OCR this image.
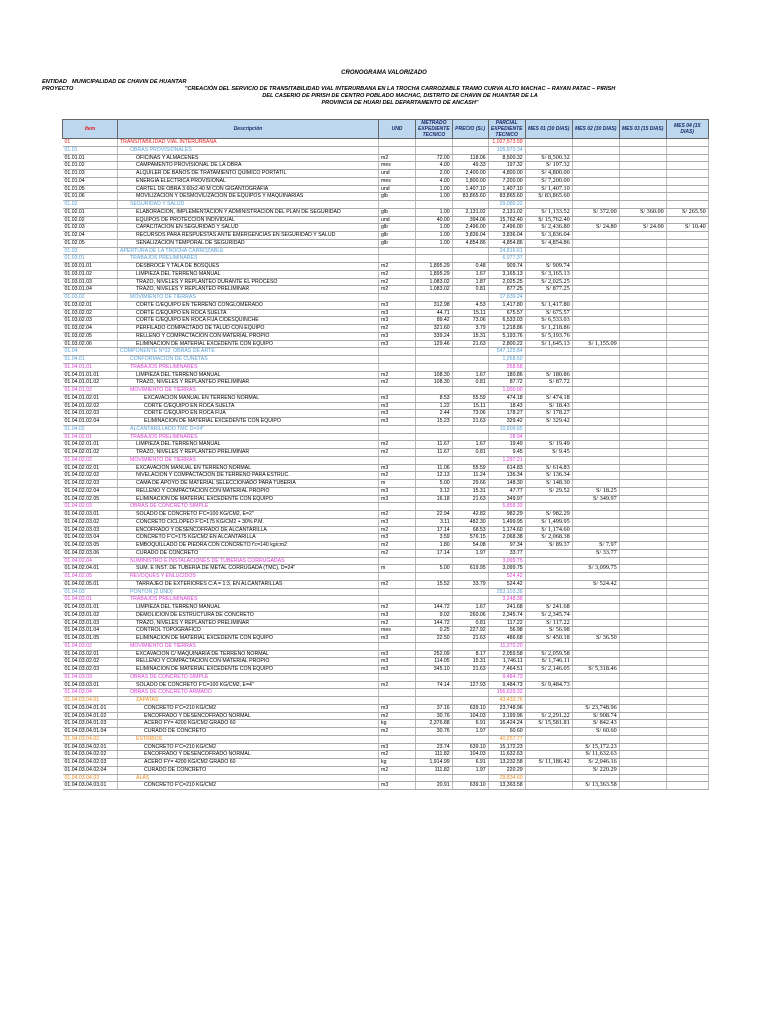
CRONOGRAMA VALORIZADO
ENTIDAD MUNICIPALIDAD DE CHAVIN DE HUANTAR
PROYECTO	"CREACIÓN DEL SERVICIO DE TRANSITABILIDAD VIAL INTERURBANA EN LA TROCHA CARROZABLE TRAMO CURVA ALTO MACHAC – RAYAN PATAC – PIRISH
DEL CASERIO DE PIRISH DE CENTRO POBLADO MACHAC, DISTRITO DE CHAVIN DE HUANTAR DE LA
PROVINCIA DE HUARI DEL DEPARTAMENTO DE ANCASH"
Item	Descripción	UND	METRADO EXPEDIENTE TECNICO	PRECIO (S/.)	PARCIAL EXPEDIENTE TECNICO	MES 01 (30 DIAS)	MES 02 (30 DIAS)	MES 03 (15 DIAS)	MES 04 (15 DIAS)
01	TRANSITABILIDAD VIAL INTERURBANA				1,027,573.59				
01.01	OBRAS PROVISIONALES				105,970.34				
01.01.01	OFICINAS Y ALMACENES	m2	72.00	118.06	8,500.32	S/ 8,500.32			
01.01.02	CAMPAMENTO PROVISIONAL DE LA OBRA	mes	4.00	49.33	197.32	S/ 197.32			
01.01.03	ALQUILER DE BAÑOS DE TRATAMIENTO QUIMICO PORTATIL	und	2.00	2,400.00	4,800.00	S/ 4,800.00			
01.01.04	ENERGIA ELECTRICA PROVISIONAL	mes	4.00	1,800.00	7,200.00	S/ 7,200.00			
01.01.05	CARTEL DE OBRA 3.60x2.40 M CON GIGANTOGRAFIA	und	1.00	1,407.10	1,407.10	S/ 1,407.10			
01.01.06	MOVILIZACION Y DESMOVILIZACION DE EQUIPOS Y MAQUINARIAS	glb	1.00	83,865.60	83,865.60	S/ 83,865.60			
01.02	SEGURIDAD Y SALUD				29,080.22				
01.02.01	ELABORACIÓN, IMPLEMENTACION Y ADMINISTRACIÓN DEL PLAN DE SEGURIDAD	glb	1.00	2,131.02	2,131.02	S/ 1,133.52	S/ 372.00	S/ 360.00	S/ 265.50
01.02.02	EQUIPOS DE PROTECCION INDIVIDUAL	und	40.00	394.06	15,762.40	S/ 15,762.40			
01.02.03	CAPACITACION EN SEGURIDAD Y SALUD	glb	1.00	2,496.00	2,496.00	S/ 2,436.80	S/ 24.80	S/ 24.00	S/ 10.40
01.02.04	RECURSOS PARA RESPUESTAS ANTE EMERGENCIAS EN SEGURIDAD Y SALUD	glb	1.00	3,836.04	3,836.04	S/ 3,836.04			
01.02.05	SEÑALIZACION TEMPORAL DE SEGURIDAD	glb	1.00	4,854.86	4,854.86	S/ 4,854.86			
01.03	APERTURA DE LA TROCHA CARROZABLE				24,816.61				
01.03.01	TRABAJOS PRELIMINARES				6,977.37				
01.03.01.01	DESBROCE Y TALA DE BOSQUES	m2	1,895.29	0.48	909.74	S/ 909.74			
01.03.01.02	LIMPIEZA DEL TERRENO MANUAL	m2	1,895.29	1.67	3,165.13	S/ 3,165.13			
01.03.01.03	TRAZO, NIVELES Y REPLANTEO DURANTE EL PROCESO	m2	1,083.02	1.87	2,025.25	S/ 2,025.25			
01.03.01.04	TRAZO, NIVELES Y REPLANTEO PRELIMINAR	m2	1,083.02	0.81	877.25	S/ 877.25			
01.03.02	MOVIMIENTO DE TIERRAS				17,839.24				
01.03.02.01	CORTE C/EQUIPO EN TERRENO CONGLOMERADO	m3	312.98	4.53	1,417.80	S/ 1,417.80			
01.03.02.02	CORTE C/EQUIPO EN ROCA SUELTA	m3	44.71	15.11	675.57	S/ 675.57			
01.03.02.03	CORTE C/EQUIPO EN ROCA FIJA C/DESQUINCHE	m3	89.42	73.06	6,533.03	S/ 6,533.03			
01.03.02.04	PERFILADO COMPACTADO DE TALUD CON EQUIPO	m2	321.60	3.79	1,218.86	S/ 1,218.86			
01.03.02.05	RELLENO Y COMPACTACION CON MATERIAL PROPIO	m3	339.24	15.31	5,193.76	S/ 5,193.76			
01.03.02.06	ELIMINACION DE MATERIAL EXCEDENTE CON EQUIPO	m3	129.46	21.63	2,800.22	S/ 1,645.13	S/ 1,155.09		
01.04	COMPONENTE N°02: OBRAS DE ARTE				547,125.84				
01.04.01	CONFORMACION DE CUNETAS				1,268.60				
01.04.01.01	TRABAJOS PRELIMINARES				268.58				
01.04.01.01.01	LIMPIEZA DEL TERRENO MANUAL	m2	108.30	1.67	180.86	S/ 180.86			
01.04.01.01.02	TRAZO, NIVELES Y REPLANTEO PRELIMINAR	m2	108.30	0.81	87.72	S/ 87.72			
01.04.01.02	MOVIMIENTO DE TIERRAS				1,000.00				
01.04.01.02.01	EXCAVACION MANUAL EN TERRENO NORMAL	m3	8.53	55.59	474.18	S/ 474.18			
01.04.01.02.02	CORTE C/EQUIPO EN ROCA SUELTA	m3	1.22	15.11	18.43	S/ 18.43			
01.04.01.02.03	CORTE C/EQUIPO EN ROCA FIJA	m3	2.44	73.06	178.27	S/ 178.27			
01.04.01.02.04	ELIMINACION DE MATERIAL EXCEDENTE CON EQUIPO	m3	15.23	21.63	329.42	S/ 329.42			
01.04.02	ALCANTARILLADO TMC D=24"				10,809.65				
01.04.02.01	TRABAJOS PRELIMINARES				28.94				
01.04.02.01.01	LIMPIEZA DEL TERRENO MANUAL	m2	11.67	1.67	19.49	S/ 19.49			
01.04.02.01.02	TRAZO, NIVELES Y REPLANTEO PRELIMINAR	m2	11.67	0.81	9.45	S/ 9.45			
01.04.02.02	MOVIMIENTO DE TIERRAS				1,297.21				
01.04.02.02.01	EXCAVACION MANUAL EN TERRENO NORMAL	m3	11.06	55.59	614.83	S/ 614.83			
01.04.02.02.02	NIVELACION Y COMPACTACION DE TERRENO PARA ESTRUC.	m2	12.13	11.24	136.34	S/ 136.34			
01.04.02.02.03	CAMA DE APOYO DE MATERIAL SELECCIONADO PARA TUBERIA	m	5.00	29.66	148.30	S/ 148.30			
01.04.02.02.04	RELLENO Y COMPACTACION CON MATERIAL PROPIO	m3	3.12	15.31	47.77	S/ 29.52	S/ 18.25		
01.04.02.02.05	ELIMINACION DE MATERIAL EXCEDENTE CON EQUIPO	m3	16.18	21.63	349.97		S/ 349.97		
01.04.02.03	OBRAS DE CONCRETO SIMPLE				5,856.33				
01.04.02.03.01	SOLADO DE CONCRETO F'C=100 KG/CM2, E=2"	m2	22.94	42.82	982.29	S/ 982.29			
01.04.02.03.02	CONCRETO CICLOPEO F'C=175 KG/CM2 + 30% P.M.	m3	3.11	482.30	1,499.95	S/ 1,499.95			
01.04.02.03.03	ENCOFRADO Y DESENCOFRADO DE ALCANTARILLA	m2	17.14	68.53	1,174.60	S/ 1,174.60			
01.04.02.03.04	CONCRETO F'C=175 KG/CM2 EN ALCANTARILLA	m3	3.59	576.15	2,068.38	S/ 2,068.38			
01.04.02.03.05	EMBOQUILLADO DE PIEDRA CON CONCRETO f'c=140 kg/cm2	m2	1.80	54.08	97.34	S/ 89.37	S/ 7.97		
01.04.02.03.06	CURADO DE CONCRETO	m2	17.14	1.97	33.77		S/ 33.77		
01.04.02.04	SUMINISTRO E INSTALACIONES DE TUBERIAS CORRUGADAS				3,099.75				
01.04.02.04.01	SUM. E INST. DE TUBERIA DE METAL CORRUGADA (TMC), D=24"	m	5.00	619.95	3,099.75		S/ 3,099.75		
01.04.02.05	REVOQUES Y ENLUCIDOS				524.42				
01.04.02.05.01	TARRAJEO DE EXTERIORES C:A = 1:3, EN ALCANTARILLAS	m2	15.52	33.79	524.42		S/ 524.42		
01.04.03	PONTÓN (2 UND)				253,103.38				
01.04.03.01	TRABAJOS PRELIMINARES				3,248.38				
01.04.03.01.01	LIMPIEZA DEL TERRENO MANUAL	m2	144.72	1.67	241.68	S/ 241.68			
01.04.03.01.02	DEMOLICIÓN DE ESTRUCTURA DE CONCRETO	m3	9.02	260.06	2,345.74	S/ 2,345.74			
01.04.03.01.03	TRAZO, NIVELES Y REPLANTEO PRELIMINAR	m2	144.72	0.81	117.22	S/ 117.22			
01.04.03.01.04	CONTROL TOPOGRAFICO	mes	0.25	227.92	56.98	S/ 56.98			
01.04.03.01.05	ELIMINACION DE MATERIAL EXCEDENTE CON EQUIPO	m3	22.50	21.63	486.68	S/ 450.18	S/ 36.50		
01.04.03.02	MOVIMIENTO DE TIERRAS				11,270.20				
01.04.03.02.01	EXCAVACION C/ MAQUINARIA DE TERRENO NORMAL	m3	252.09	8.17	2,059.58	S/ 2,059.58			
01.04.03.02.02	RELLENO Y COMPACTACION CON MATERIAL PROPIO	m3	114.05	15.31	1,746.11	S/ 1,746.11			
01.04.03.02.03	ELIMINACION DE MATERIAL EXCEDENTE CON EQUIPO	m3	345.10	21.63	7,464.51	S/ 2,146.05	S/ 5,318.46		
01.04.03.03	OBRAS DE CONCRETO SIMPLE				9,484.73				
01.04.03.03.01	SOLADO DE CONCRETO F'C=100 KG/CM2, E=4"	m2	74.14	127.93	9,484.73	S/ 9,484.73			
01.04.03.04	OBRAS DE CONCRETO ARMADO				156,629.32				
01.04.03.04.01	ZAPATAS				43,433.76				
01.04.03.04.01.01	CONCRETO F'C=210 KG/CM2	m3	37.16	639.10	23,748.96		S/ 23,748.96		
01.04.03.04.01.02	ENCOFRADO Y DESENCOFRADO NORMAL	m2	30.76	104.03	3,199.96	S/ 2,291.22	S/ 908.74		
01.04.03.04.01.03	ACERO FY= 4200 KG/CM2 GRADO 60	kg	2,376.88	6.91	16,424.24	S/ 15,581.81	S/ 842.43		
01.04.03.04.01.04	CURADO DE CONCRETO	m2	30.76	1.97	60.60		S/ 60.60		
01.04.03.04.02	ESTRIBOS				40,257.77				
01.04.03.04.02.01	CONCRETO F'C=210 KG/CM2	m3	23.74	639.10	15,172.23		S/ 15,172.23		
01.04.03.04.02.02	ENCOFRADO Y DESENCOFRADO NORMAL	m2	111.82	104.03	11,632.63		S/ 11,632.63		
01.04.03.04.02.03	ACERO FY= 4200 KG/CM2 GRADO 60	kg	1,914.99	6.91	13,232.58	S/ 11,186.42	S/ 2,046.16		
01.04.03.04.02.04	CURADO DE CONCRETO	m2	111.82	1.97	220.29		S/ 220.29		
01.04.03.04.03	ALAS				29,834.60				
01.04.03.04.03.01	CONCRETO F'C=210 KG/CM2	m3	20.91	639.10	13,363.58		S/ 13,363.58		
